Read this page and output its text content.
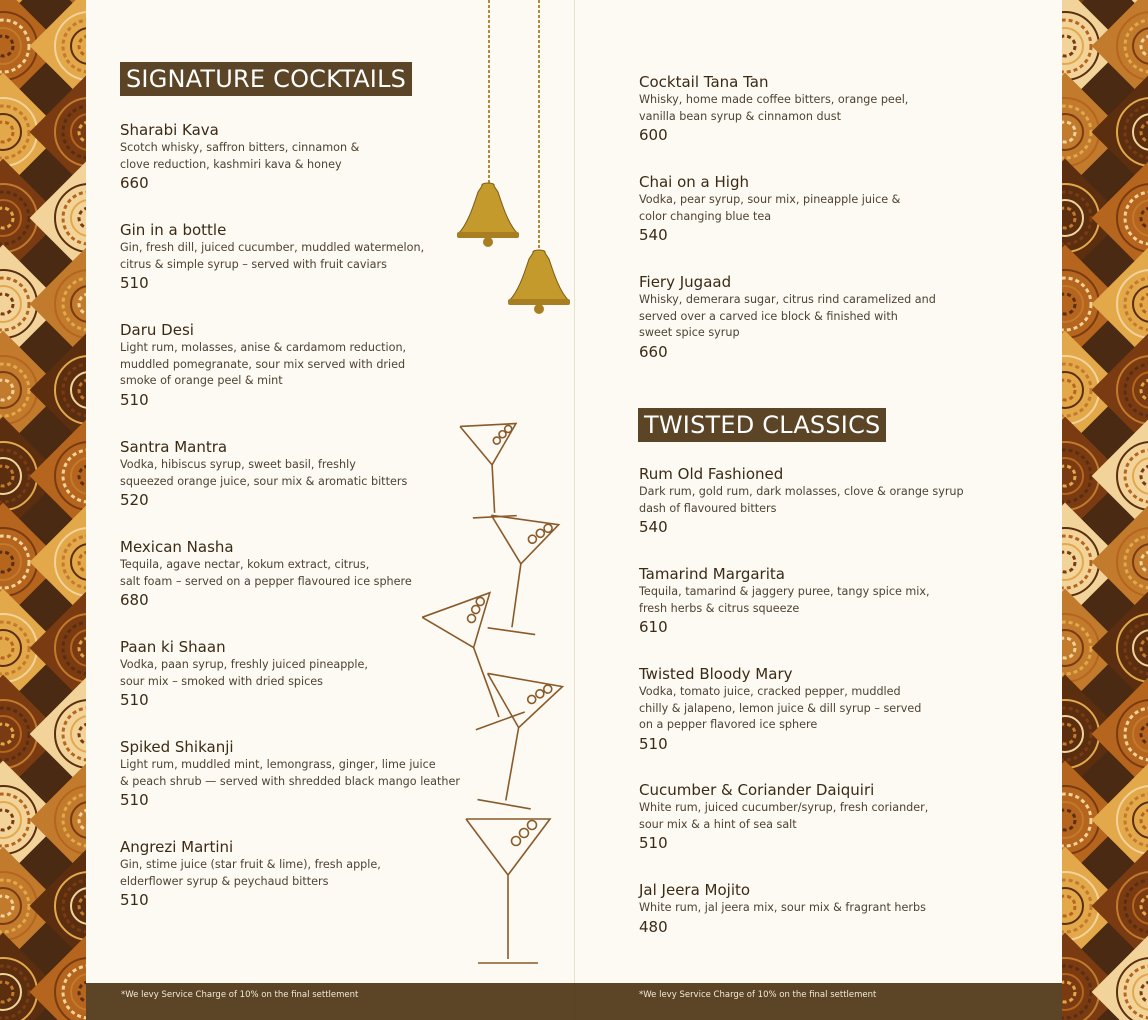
SIGNATURE COCKTAILS
Sharabi Kava
Scotch whisky, saffron bitters, cinnamon &
clove reduction, kashmiri kava & honey
660
Gin in a bottle
Gin, fresh dill, juiced cucumber, muddled watermelon,
citrus & simple syrup – served with fruit caviars
510
Daru Desi
Light rum, molasses, anise & cardamom reduction,
muddled pomegranate, sour mix served with dried
smoke of orange peel & mint
510
Santra Mantra
Vodka, hibiscus syrup, sweet basil, freshly
squeezed orange juice, sour mix & aromatic bitters
520
Mexican Nasha
Tequila, agave nectar, kokum extract, citrus,
salt foam – served on a pepper flavoured ice sphere
680
Paan ki Shaan
Vodka, paan syrup, freshly juiced pineapple,
sour mix – smoked with dried spices
510
Spiked Shikanji
Light rum, muddled mint, lemongrass, ginger, lime juice
& peach shrub — served with shredded black mango leather
510
Angrezi Martini
Gin, stime juice (star fruit & lime), fresh apple,
elderflower syrup & peychaud bitters
510
Cocktail Tana Tan
Whisky, home made coffee bitters, orange peel,
vanilla bean syrup & cinnamon dust
600
Chai on a High
Vodka, pear syrup, sour mix, pineapple juice &
color changing blue tea
540
Fiery Jugaad
Whisky, demerara sugar, citrus rind caramelized and
served over a carved ice block & finished with
sweet spice syrup
660
TWISTED CLASSICS
Rum Old Fashioned
Dark rum, gold rum, dark molasses, clove & orange syrup
dash of flavoured bitters
540
Tamarind Margarita
Tequila, tamarind & jaggery puree, tangy spice mix,
fresh herbs & citrus squeeze
610
Twisted Bloody Mary
Vodka, tomato juice, cracked pepper, muddled
chilly & jalapeno, lemon juice & dill syrup – served
on a pepper flavored ice sphere
510
Cucumber & Coriander Daiquiri
White rum, juiced cucumber/syrup, fresh coriander,
sour mix & a hint of sea salt
510
Jal Jeera Mojito
White rum, jal jeera mix, sour mix & fragrant herbs
480
*We levy Service Charge of 10% on the final settlement	*We levy Service Charge of 10% on the final settlement
